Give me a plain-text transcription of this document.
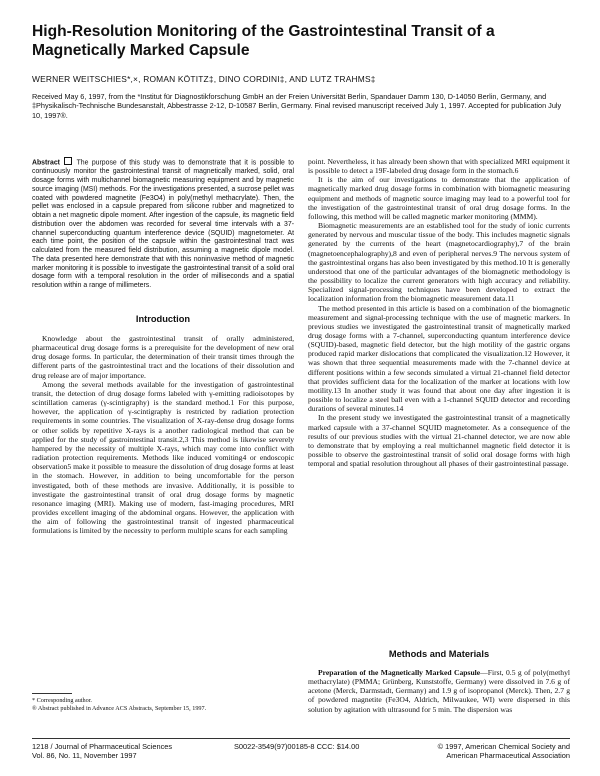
High-Resolution Monitoring of the Gastrointestinal Transit of a Magnetically Marked Capsule
WERNER WEITSCHIES*,×, ROMAN KÖTITZ‡, DINO CORDINI‡, AND LUTZ TRAHMS‡
Received May 6, 1997, from the *Institut für Diagnostikforschung GmbH an der Freien Universität Berlin, Spandauer Damm 130, D-14050 Berlin, Germany, and ‡Physikalisch-Technische Bundesanstalt, Abbestrasse 2-12, D-10587 Berlin, Germany. Final revised manuscript received July 1, 1997. Accepted for publication July 10, 1997®.
Abstract The purpose of this study was to demonstrate that it is possible to continuously monitor the gastrointestinal transit of magnetically marked, solid, oral dosage forms with multichannel biomagnetic measuring equipment and by magnetic source imaging (MSI) methods. For the investigations presented, a sucrose pellet was coated with powdered magnetite (Fe3O4) in poly(methyl methacrylate). Then, the pellet was enclosed in a capsule prepared from silicone rubber and magnetized to obtain a net magnetic dipole moment. After ingestion of the capsule, its magnetic field distribution over the abdomen was recorded for several time intervals with a 37-channel superconducting quantum interference device (SQUID) magnetometer. At each time point, the position of the capsule within the gastrointestinal tract was calculated from the measured field distribution, assuming a magnetic dipole model. The data presented here demonstrate that with this noninvasive method of magnetic marker monitoring it is possible to investigate the gastrointestinal transit of a solid oral dosage form with a temporal resolution in the order of milliseconds and a spatial resolution within a range of millimeters.
Introduction

Knowledge about the gastrointestinal transit of orally administered, pharmaceutical drug dosage forms is a prerequisite for the development of new oral drug dosage forms. In particular, the determination of their transit times through the different parts of the gastrointestinal tract and the locations of their dissolution and drug release are of major importance.

Among the several methods available for the investigation of gastrointestinal transit, the detection of drug dosage forms labeled with γ-emitting radioisotopes by scintillation cameras (γ-scintigraphy) is the standard method.1 For this purpose, however, the application of γ-scintigraphy is restricted by radiation protection requirements in some countries. The visualization of X-ray-dense drug dosage forms or other solids by repetitive X-rays is a another radiological method that can be applied for the study of gastrointestinal transit.2,3 This method is likewise severely hampered by the necessity of multiple X-rays, which may come into conflict with radiation protection requirements. Methods like induced vomiting4 or endoscopic observation5 make it possible to measure the dissolution of drug dosage forms at least in the stomach. However, in addition to being uncomfortable for the person investigated, both of these methods are invasive. Additionally, it is possible to investigate the gastrointestinal transit of oral drug dosage forms by magnetic resonance imaging (MRI). Making use of modern, fast-imaging procedures, MRI provides excellent imaging of the abdominal organs. However, the application with the aim of following the gastrointestinal transit of ingested pharmaceutical formulations is limited by the necessity to perform multiple scans for each sampling

* Corresponding author.
® Abstract published in Advance ACS Abstracts, September 15, 1997.

point. Nevertheless, it has already been shown that with specialized MRI equipment it is possible to detect a 19F-labeled drug dosage form in the stomach.6

It is the aim of our investigations to demonstrate that the application of magnetically marked drug dosage forms in combination with biomagnetic measuring equipment and methods of magnetic source imaging may lead to a powerful tool for the investigation of the gastrointestinal transit of oral drug dosage forms. In the following, this method will be called magnetic marker monitoring (MMM).

Biomagnetic measurements are an established tool for the study of ionic currents generated by nervous and muscular tissue of the body. This includes magnetic signals generated by the currents of the heart (magnetocardiography),7 of the brain (magnetoencephalography),8 and even of peripheral nerves.9 The nervous system of the gastrointestinal organs has also been investigated by this method.10 It is generally understood that one of the particular advantages of the biomagnetic methodology is the possibility to localize the current generators with high accuracy and reliability. Specialized signal-processing techniques have been developed to extract the localization information from the biomagnetic measurement data.11

The method presented in this article is based on a combination of the biomagnetic measurement and signal-processing technique with the use of magnetic markers. In previous studies we investigated the gastrointestinal transit of magnetically marked drug dosage forms with a 7-channel, superconducting quantum interference device (SQUID)-based, magnetic field detector, but the high motility of the gastric organs produced rapid marker dislocations that complicated the visualization.12 However, it was shown that three sequential measurements made with the 7-channel device at different positions within a few seconds simulated a virtual 21-channel field detector that provides sufficient data for the localization of the marker at locations with low motility.13 In another study it was found that about one day after ingestion it is possible to localize a steel ball even with a 1-channel SQUID detector and recording durations of several minutes.14

In the present study we investigated the gastrointestinal transit of a magnetically marked capsule with a 37-channel SQUID magnetometer. As a consequence of the results of our previous studies with the virtual 21-channel detector, we are now able to demonstrate that by employing a real multichannel magnetic field detector it is possible to observe the gastrointestinal transit of solid oral dosage forms with high temporal and spatial resolution throughout all phases of their gastrointestinal passage.

Methods and Materials

Preparation of the Magnetically Marked Capsule—First, 0.5 g of poly(methyl methacrylate) (PMMA; Grünberg, Kunststoffe, Germany) were dissolved in 7.6 g of acetone (Merck, Darmstadt, Germany) and 1.9 g of isopropanol (Merck). Then, 2.7 g of powdered magnetite (Fe3O4, Aldrich, Milwaukee, WI) were dispersed in this solution by agitation with ultrasound for 5 min. The dispersion was

1218 / Journal of Pharmaceutical Sciences
Vol. 86, No. 11, November 1997
S0022-3549(97)00185-8 CCC: $14.00	© 1997, American Chemical Society and
American Pharmaceutical Association
